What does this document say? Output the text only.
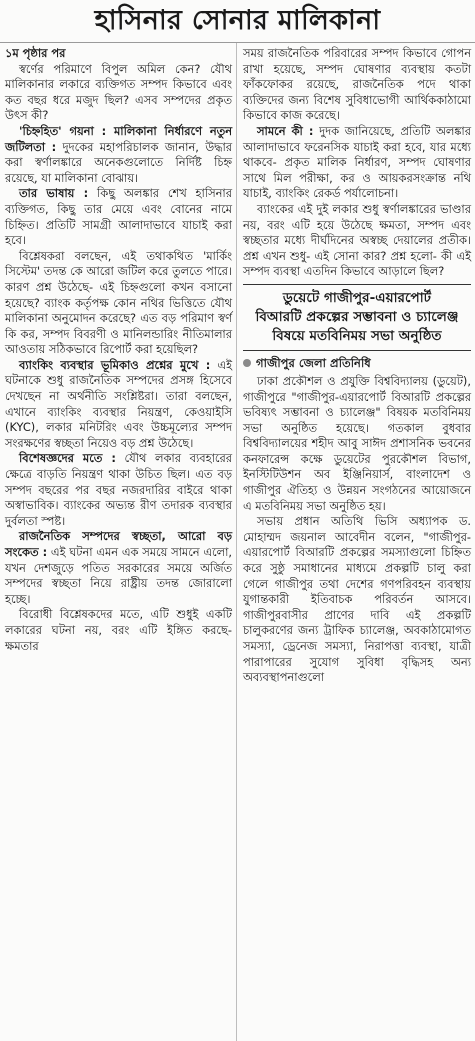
হাসিনার সোনার মালিকানা

১ম পৃষ্ঠার পর

স্বর্ণের পরিমাণে বিপুল অমিল কেন? যৌথ মালিকানার লকারে ব্যক্তিগত সম্পদ কিভাবে এবং কত বছর ধরে মজুদ ছিল? এসব সম্পদের প্রকৃত উৎস কী?

'চিহ্নহিত' গয়না : মালিকানা নির্ধারণে নতুন জটিলতা : দুদকের মহাপরিচালক জানান, উদ্ধার করা স্বর্ণালঙ্কারে অনেকগুলোতে নির্দিষ্ট চিহ্ন রয়েছে, যা মালিকানা বোঝায়।

তার ভাষায় : কিছু অলঙ্কার শেখ হাসিনার ব্যক্তিগত, কিছু তার মেয়ে এবং বোনের নামে চিহ্নিত। প্রতিটি সামগ্রী আলাদাভাবে যাচাই করা হবে।

বিশ্লেষকরা বলছেন, এই তথাকথিত 'মার্কিং সিস্টেম' তদন্ত কে আরো জটিল করে তুলতে পারে। কারণ প্রশ্ন উঠেছে- এই চিহ্নগুলো কখন বসানো হয়েছে? ব্যাংক কর্তৃপক্ষ কোন নথির ভিত্তিতে যৌথ মালিকানা অনুমোদন করেছে? এত বড় পরিমাণ স্বর্ণ কি কর, সম্পদ বিবরণী ও মানিলন্ডারিং নীতিমালার আওতায় সঠিকভাবে রিপোর্ট করা হয়েছিল?

ব্যাংকিং ব্যবস্থার ভূমিকাও প্রশ্নের মুখে : এই ঘটনাকে শুধু রাজনৈতিক সম্পদের প্রসঙ্গ হিসেবে দেখছেন না অর্থনীতি সংশ্লিষ্টরা। তারা বলছেন, এখানে ব্যাংকিং ব্যবস্থার নিয়ন্ত্রণ, কেওয়াইসি (KYC), লকার মনিটরিং এবং উচ্চমূল্যের সম্পদ সংরক্ষণের স্বচ্ছতা নিয়েও বড় প্রশ্ন উঠেছে।

বিশেষজ্ঞদের মতে : যৌথ লকার ব্যবহারের ক্ষেত্রে বাড়তি নিয়ন্ত্রণ থাকা উচিত ছিল। এত বড় সম্পদ বছরের পর বছর নজরদারির বাইরে থাকা অস্বাভাবিক। ব্যাংকের অভ্যন্ত রীণ তদারক ব্যবস্থার দুর্বলতা স্পষ্ট।

রাজনৈতিক সম্পদের স্বচ্ছতা, আরো বড় সংকেত : এই ঘটনা এমন এক সময়ে সামনে এলো, যখন দেশজুড়ে পতিত সরকারের সময়ে অর্জিত সম্পদের স্বচ্ছতা নিয়ে রাষ্ট্রীয় তদন্ত জোরালো হচ্ছে।

বিরোধী বিশ্লেষকদের মতে, এটি শুধুই একটি লকারের ঘটনা নয়, বরং এটি ইঙ্গিত করছে- ক্ষমতার

সময় রাজনৈতিক পরিবারের সম্পদ কিভাবে গোপন রাখা হয়েছে, সম্পদ ঘোষণার ব্যবস্থায় কতটা ফাঁকফোকর রয়েছে, রাজনৈতিক পদে থাকা ব্যক্তিদের জন্য বিশেষ সুবিধাভোগী আর্থিককাঠামো কিভাবে কাজ করেছে।

সামনে কী : দুদক জানিয়েছে, প্রতিটি অলঙ্কার আলাদাভাবে ফরেনসিক যাচাই করা হবে, যার মধ্যে থাকবে- প্রকৃত মালিক নির্ধারণ, সম্পদ ঘোষণার সাথে মিল পরীক্ষা, কর ও আয়করসংক্রান্ত নথি যাচাই, ব্যাংকিং রেকর্ড পর্যালোচনা।

ব্যাংকের এই দুই লকার শুধু স্বর্ণালঙ্কারের ভাণ্ডার নয়, বরং এটি হয়ে উঠেছে ক্ষমতা, সম্পদ এবং স্বচ্ছতার মধ্যে দীর্ঘদিনের অস্বচ্ছ দেয়ালের প্রতীক। প্রশ্ন এখন শুধু- এই সোনা কার? প্রশ্ন হলো- কী এই সম্পদ ব্যবস্থা এতদিন কিভাবে আড়ালে ছিল?

ডুয়েটে গাজীপুর-এয়ারপোর্ট
বিআরটি প্রকল্পের সম্ভাবনা ও চ্যালেঞ্জ
বিষয়ে মতবিনিময় সভা অনুষ্ঠিত
গাজীপুর জেলা প্রতিনিধি

ঢাকা প্রকৌশল ও প্রযুক্তি বিশ্ববিদ্যালয় (ডুয়েট), গাজীপুরে "গাজীপুর-এয়ারপোর্ট বিআরটি প্রকল্পের ভবিষ্যৎ সম্ভাবনা ও চ্যালেঞ্জ" বিষয়ক মতবিনিময় সভা অনুষ্ঠিত হয়েছে। গতকাল বুধবার বিশ্ববিদ্যালয়ের শহীদ আবু সাঈদ প্রশাসনিক ভবনের কনফারেন্স কক্ষে ডুয়েটের পুরকৌশল বিভাগ, ইনস্টিটিউশন অব ইঞ্জিনিয়ার্স, বাংলাদেশ ও গাজীপুর ঐতিহ্য ও উন্নয়ন সংগঠনের আয়োজনে এ মতবিনিময় সভা অনুষ্ঠিত হয়।

সভায় প্রধান অতিথি ভিসি অধ্যাপক ড. মোহাম্মদ জয়নাল আবেদীন বলেন, "গাজীপুর-এয়ারপোর্ট বিআরটি প্রকল্পের সমস্যাগুলো চিহ্নিত করে সুষ্ঠু সমাধানের মাধ্যমে প্রকল্পটি চালু করা গেলে গাজীপুর তথা দেশের গণপরিবহন ব্যবস্থায় যুগান্তকারী ইতিবাচক পরিবর্তন আসবে। গাজীপুরবাসীর প্রাণের দাবি এই প্রকল্পটি চালুকরণের জন্য ট্রাফিক চ্যালেঞ্জ, অবকাঠামোগত সমস্যা, ড্রেনেজ সমস্যা, নিরাপত্তা ব্যবস্থা, যাত্রী পারাপারের সুযোগ সুবিধা বৃদ্ধিসহ অন্য অব্যবস্থাপনাগুলো
